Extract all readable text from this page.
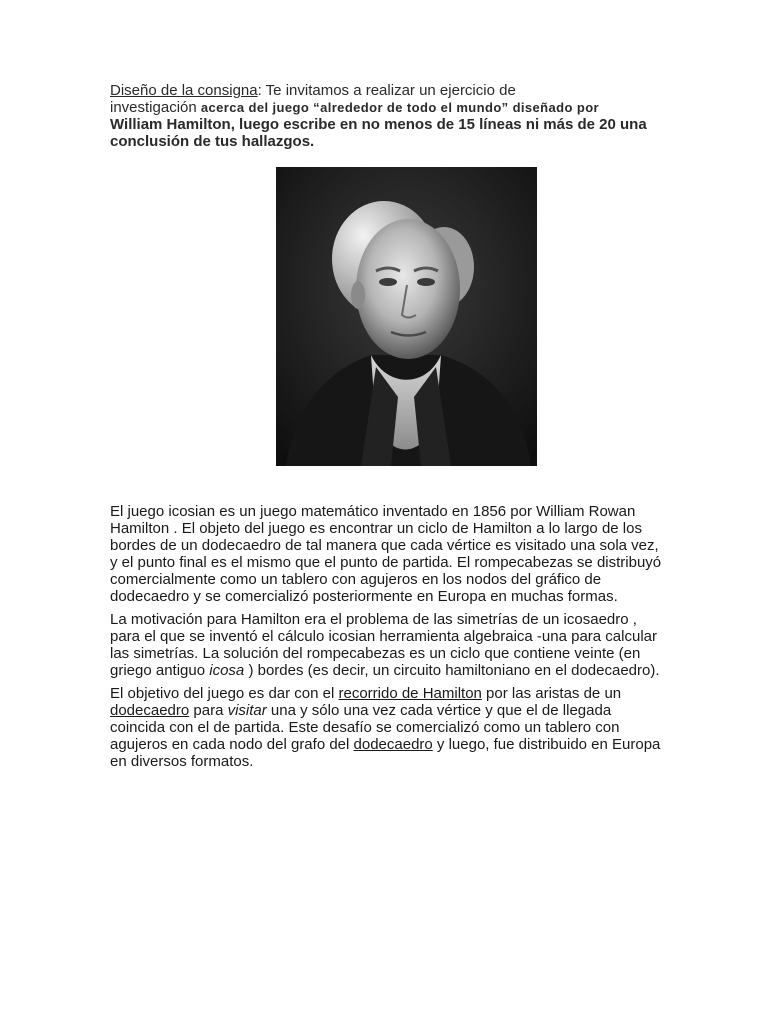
Diseño de la consigna: Te invitamos a realizar un ejercicio de
investigación acerca del juego “alrededor de todo el mundo” diseñado por
William Hamilton, luego escribe en no menos de 15 líneas ni más de 20 una conclusión de tus hallazgos.

El juego icosian es un juego matemático inventado en 1856 por William Rowan Hamilton . El objeto del juego es encontrar un ciclo de Hamilton a lo largo de los bordes de un dodecaedro de tal manera que cada vértice es visitado una sola vez, y el punto final es el mismo que el punto de partida. El rompecabezas se distribuyó comercialmente como un tablero con agujeros en los nodos del gráfico de dodecaedro y se comercializó posteriormente en Europa en muchas formas.

La motivación para Hamilton era el problema de las simetrías de un icosaedro , para el que se inventó el cálculo icosian herramienta algebraica -una para calcular las simetrías. La solución del rompecabezas es un ciclo que contiene veinte (en griego antiguo icosa ) bordes (es decir, un circuito hamiltoniano en el dodecaedro).

El objetivo del juego es dar con el recorrido de Hamilton por las aristas de un dodecaedro para visitar una y sólo una vez cada vértice y que el de llegada coincida con el de partida. Este desafío se comercializó como un tablero con agujeros en cada nodo del grafo del dodecaedro y luego, fue distribuido en Europa en diversos formatos.
